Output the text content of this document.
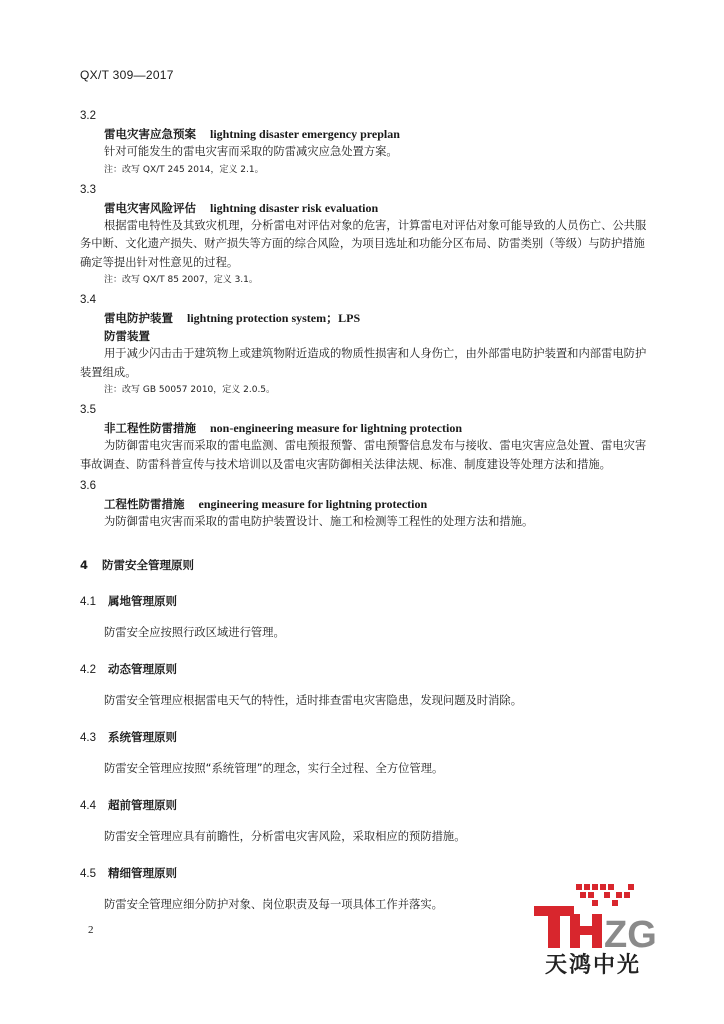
QX/T 309—2017
3.2
雷电灾害应急预案 lightning disaster emergency preplan

针对可能发生的雷电灾害而采取的防雷减灾应急处置方案。

注：改写 QX/T 245 2014，定义 2.1。
3.3
雷电灾害风险评估 lightning disaster risk evaluation

根据雷电特性及其致灾机理，分析雷电对评估对象的危害，计算雷电对评估对象可能导致的人员伤亡、公共服务中断、文化遗产损失、财产损失等方面的综合风险，为项目选址和功能分区布局、防雷类别（等级）与防护措施确定等提出针对性意见的过程。

注：改写 QX/T 85 2007，定义 3.1。
3.4
雷电防护装置 lightning protection system；LPS
防雷装置

用于减少闪击击于建筑物上或建筑物附近造成的物质性损害和人身伤亡，由外部雷电防护装置和内部雷电防护装置组成。

注：改写 GB 50057 2010，定义 2.0.5。
3.5
非工程性防雷措施 non-engineering measure for lightning protection

为防御雷电灾害而采取的雷电监测、雷电预报预警、雷电预警信息发布与接收、雷电灾害应急处置、雷电灾害事故调查、防雷科普宣传与技术培训以及雷电灾害防御相关法律法规、标准、制度建设等处理方法和措施。

3.6
工程性防雷措施 engineering measure for lightning protection

为防御雷电灾害而采取的雷电防护装置设计、施工和检测等工程性的处理方法和措施。

4 防雷安全管理原则
4.1 属地管理原则
防雷安全应按照行政区域进行管理。
4.2 动态管理原则
防雷安全管理应根据雷电天气的特性，适时排查雷电灾害隐患，发现问题及时消除。
4.3 系统管理原则
防雷安全管理应按照“系统管理”的理念，实行全过程、全方位管理。
4.4 超前管理原则
防雷安全管理应具有前瞻性，分析雷电灾害风险，采取相应的预防措施。
4.5 精细管理原则
防雷安全管理应细分防护对象、岗位职责及每一项具体工作并落实。
2	ZG
天鸿中光
